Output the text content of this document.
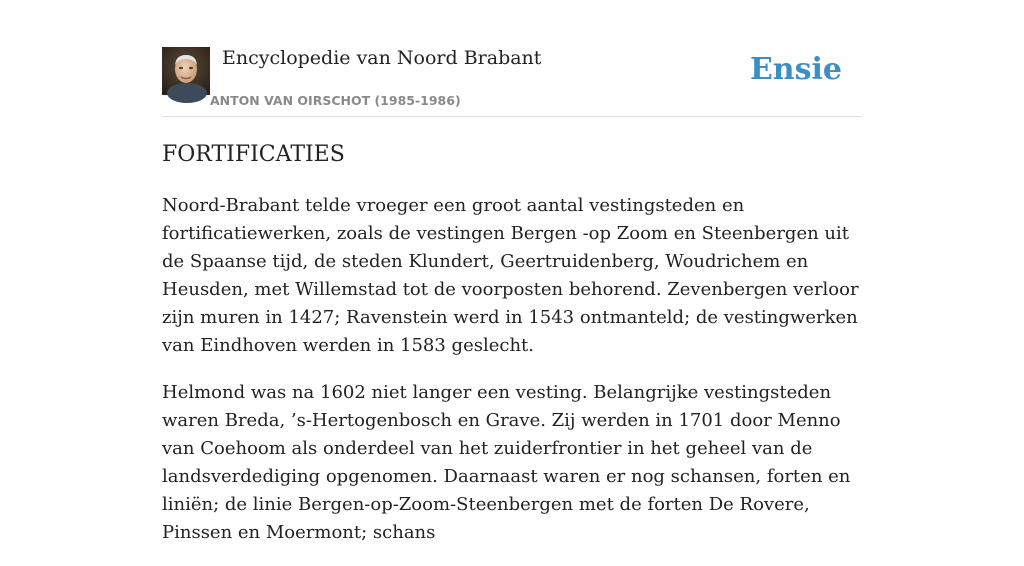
Encyclopedie van Noord Brabant
ANTON VAN OIRSCHOT (1985-1986)
Ensie
FORTIFICATIES

Noord-Brabant telde vroeger een groot aantal vestingsteden en fortificatiewerken, zoals de vestingen Bergen -op Zoom en Steenbergen uit de Spaanse tijd, de steden Klundert, Geertruidenberg, Woudrichem en Heusden, met Willemstad tot de voorposten behorend. Zevenbergen verloor zijn muren in 1427; Ravenstein werd in 1543 ontmanteld; de vestingwerken van Eindhoven werden in 1583 geslecht.

Helmond was na 1602 niet langer een vesting. Belangrijke vestingsteden waren Breda, ’s-Hertogenbosch en Grave. Zij werden in 1701 door Menno van Coehoom als onderdeel van het zuiderfrontier in het geheel van de landsverdediging opgenomen. Daarnaast waren er nog schansen, forten en liniën; de linie Bergen-op-Zoom-Steenbergen met de forten De Rovere, Pinssen en Moermont; schans
